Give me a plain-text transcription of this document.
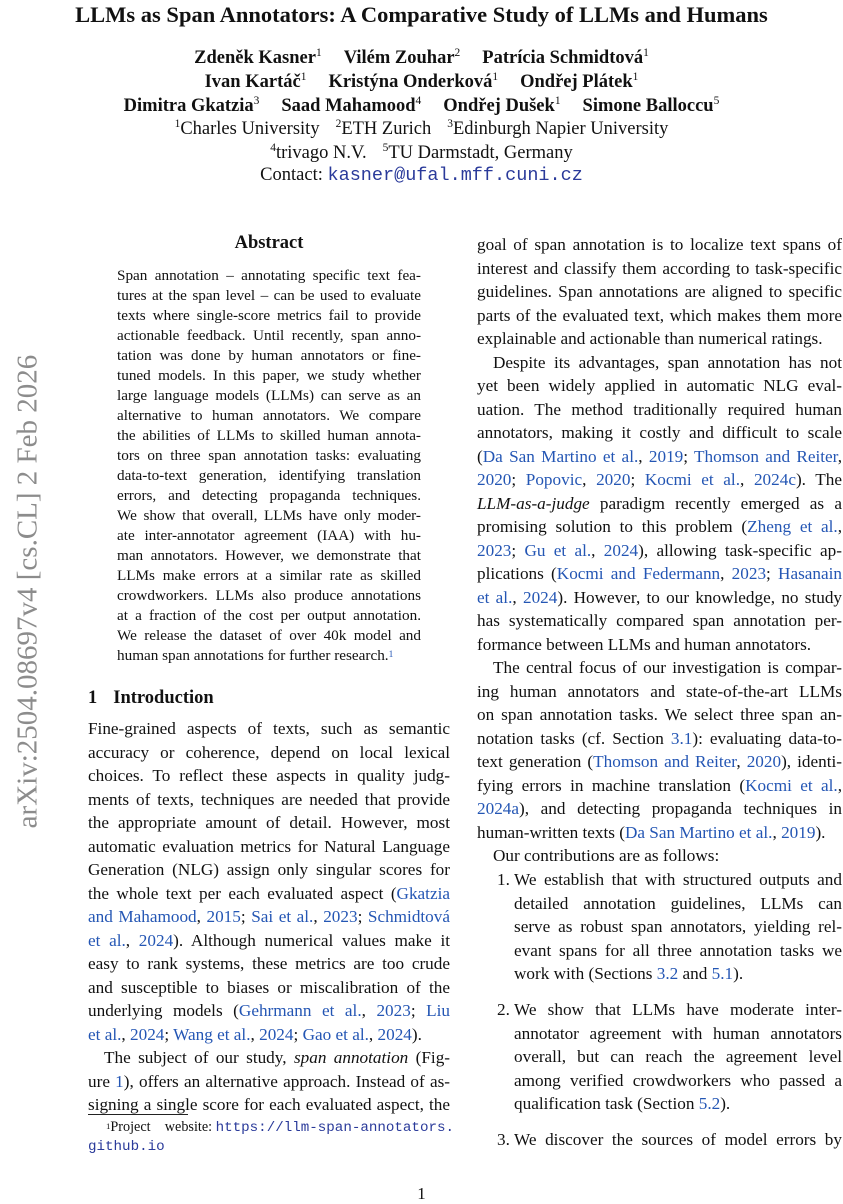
LLMs as Span Annotators: A Comparative Study of LLMs and Humans
Zdeněk Kasner$^1$ Vilém Zouhar$^2$ Patrícia Schmidtová$^1$
Ivan Kartáč$^1$ Kristýna Onderková$^1$ Ondřej Plátek$^1$
Dimitra Gkatzia$^3$ Saad Mahamood$^4$ Ondřej Dušek$^1$ Simone Balloccu$^5$
$^1$Charles University $^2$ETH Zurich $^3$Edinburgh Napier University
$^4$trivago N.V. $^5$TU Darmstadt, Germany
Contact: kasner@ufal.mff.cuni.cz
arXiv:2504.08697v4 [cs.CL] 2 Feb 2026
Abstract
Span annotation – annotating specific text fea-
tures at the span level – can be used to evaluate
texts where single-score metrics fail to provide
actionable feedback. Until recently, span anno-
tation was done by human annotators or fine-
tuned models. In this paper, we study whether
large language models (LLMs) can serve as an
alternative to human annotators. We compare
the abilities of LLMs to skilled human annota-
tors on three span annotation tasks: evaluating
data-to-text generation, identifying translation
errors, and detecting propaganda techniques.
We show that overall, LLMs have only moder-
ate inter-annotator agreement (IAA) with hu-
man annotators. However, we demonstrate that
LLMs make errors at a similar rate as skilled
crowdworkers. LLMs also produce annotations
at a fraction of the cost per output annotation.
We release the dataset of over 40k model and
human span annotations for further research.$^1$
1 Introduction
Fine-grained aspects of texts, such as semantic
accuracy or coherence, depend on local lexical
choices. To reflect these aspects in quality judg-
ments of texts, techniques are needed that provide
the appropriate amount of detail. However, most
automatic evaluation metrics for Natural Language
Generation (NLG) assign only singular scores for
the whole text per each evaluated aspect (Gkatzia
and Mahamood, 2015; Sai et al., 2023; Schmidtová
et al., 2024). Although numerical values make it
easy to rank systems, these metrics are too crude
and susceptible to biases or miscalibration of the
underlying models (Gehrmann et al., 2023; Liu
et al., 2024; Wang et al., 2024; Gao et al., 2024).
The subject of our study, span annotation (Fig-
ure 1), offers an alternative approach. Instead of as-
signing a single score for each evaluated aspect, the
goal of span annotation is to localize text spans of
interest and classify them according to task-specific
guidelines. Span annotations are aligned to specific
parts of the evaluated text, which makes them more
explainable and actionable than numerical ratings.
Despite its advantages, span annotation has not
yet been widely applied in automatic NLG eval-
uation. The method traditionally required human
annotators, making it costly and difficult to scale
(Da San Martino et al., 2019; Thomson and Reiter,
2020; Popovic, 2020; Kocmi et al., 2024c). The
LLM-as-a-judge paradigm recently emerged as a
promising solution to this problem (Zheng et al.,
2023; Gu et al., 2024), allowing task-specific ap-
plications (Kocmi and Federmann, 2023; Hasanain
et al., 2024). However, to our knowledge, no study
has systematically compared span annotation per-
formance between LLMs and human annotators.
The central focus of our investigation is compar-
ing human annotators and state-of-the-art LLMs
on span annotation tasks. We select three span an-
notation tasks (cf. Section 3.1): evaluating data-to-
text generation (Thomson and Reiter, 2020), identi-
fying errors in machine translation (Kocmi et al.,
2024a), and detecting propaganda techniques in
human-written texts (Da San Martino et al., 2019).
Our contributions are as follows:
1. We establish that with structured outputs and
detailed annotation guidelines, LLMs can
serve as robust span annotators, yielding rel-
evant spans for all three annotation tasks we
work with (Sections 3.2 and 5.1).
2. We show that LLMs have moderate inter-
annotator agreement with human annotators
overall, but can reach the agreement level
among verified crowdworkers who passed a
qualification task (Section 5.2).
3. We discover the sources of model errors by
$^1$Project    website: https://llm-span-annotators.
github.io
1
